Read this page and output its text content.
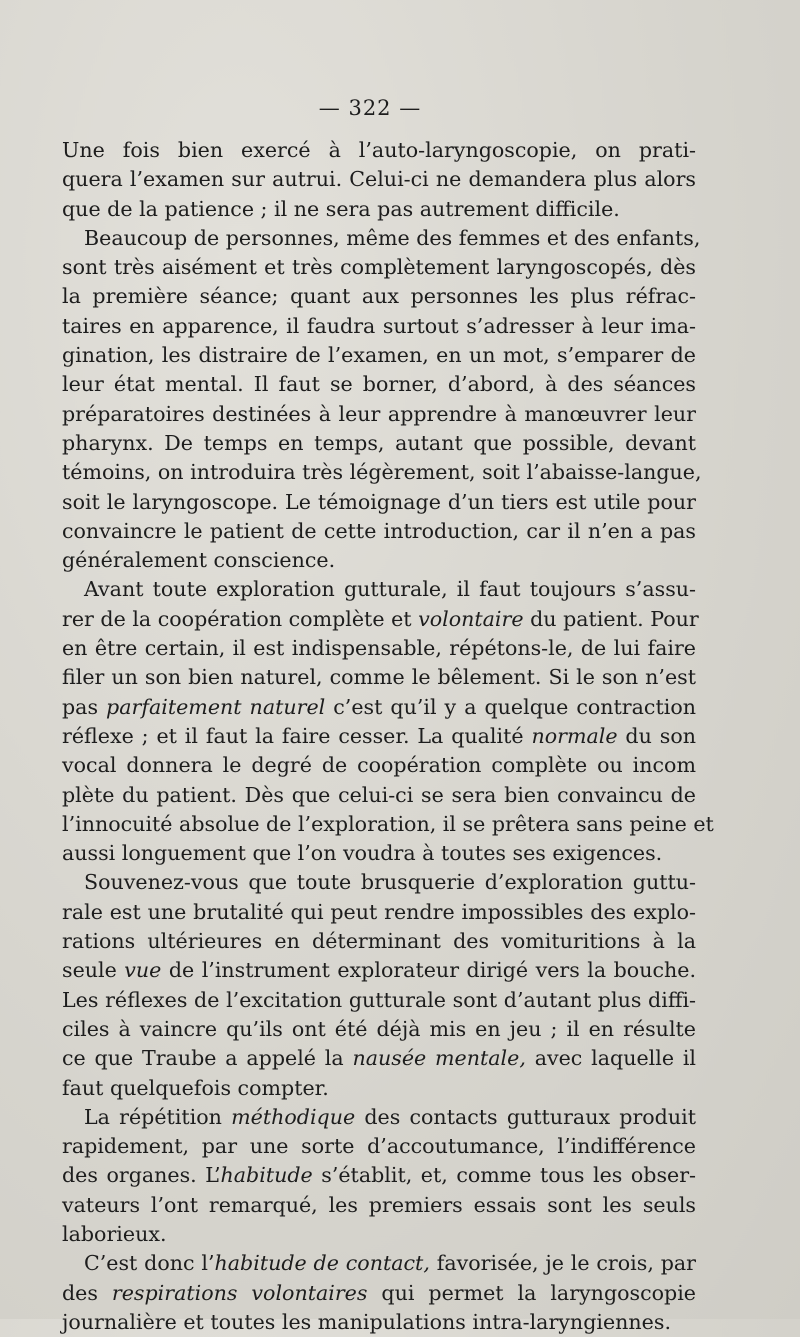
— 322 —
Une fois bien exercé à l’auto-laryngoscopie, on prati-
quera l’examen sur autrui. Celui-ci ne demandera plus alors
que de la patience ; il ne sera pas autrement difficile.
Beaucoup de personnes, même des femmes et des enfants,
sont très aisément et très complètement laryngoscopés, dès
la première séance; quant aux personnes les plus réfrac-
taires en apparence, il faudra surtout s’adresser à leur ima-
gination, les distraire de l’examen, en un mot, s’emparer de
leur état mental. Il faut se borner, d’abord, à des séances
préparatoires destinées à leur apprendre à manœuvrer leur
pharynx. De temps en temps, autant que possible, devant
témoins, on introduira très légèrement, soit l’abaisse-langue,
soit le laryngoscope. Le témoignage d’un tiers est utile pour
convaincre le patient de cette introduction, car il n’en a pas
généralement conscience.
Avant toute exploration gutturale, il faut toujours s’assu-
rer de la coopération complète et volontaire du patient. Pour
en être certain, il est indispensable, répétons-le, de lui faire
filer un son bien naturel, comme le bêlement. Si le son n’est
pas parfaitement naturel c’est qu’il y a quelque contraction
réflexe ; et il faut la faire cesser. La qualité normale du son
vocal donnera le degré de coopération complète ou incom
plète du patient. Dès que celui-ci se sera bien convaincu de
l’innocuité absolue de l’exploration, il se prêtera sans peine et
aussi longuement que l’on voudra à toutes ses exigences.
Souvenez-vous que toute brusquerie d’exploration guttu-
rale est une brutalité qui peut rendre impossibles des explo-
rations ultérieures en déterminant des vomituritions à la
seule vue de l’instrument explorateur dirigé vers la bouche.
Les réflexes de l’excitation gutturale sont d’autant plus diffi-
ciles à vaincre qu’ils ont été déjà mis en jeu ; il en résulte
ce que Traube a appelé la nausée mentale, avec laquelle il
faut quelquefois compter.
La répétition méthodique des contacts gutturaux produit
rapidement, par une sorte d’accoutumance, l’indifférence
des organes. L’habitude s’établit, et, comme tous les obser-
vateurs l’ont remarqué, les premiers essais sont les seuls
laborieux.
C’est donc l’habitude de contact, favorisée, je le crois, par
des respirations volontaires qui permet la laryngoscopie
journalière et toutes les manipulations intra-laryngiennes.
